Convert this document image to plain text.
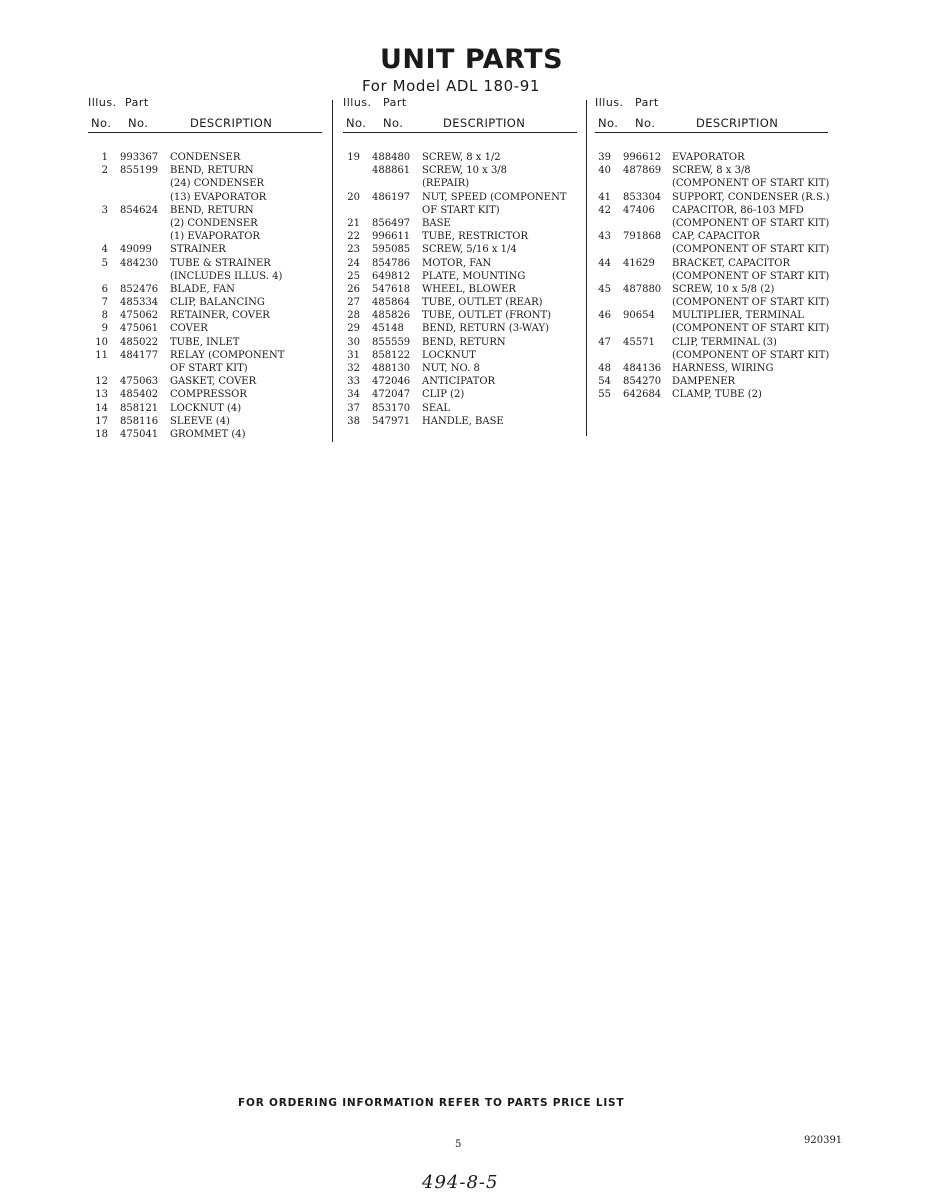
UNIT PARTS
For Model ADL 180-91
Illus. Part
No. No.	DESCRIPTION
1 993367 CONDENSER
2 855199 BEND, RETURN
(24) CONDENSER
(13) EVAPORATOR
3 854624 BEND, RETURN
(2) CONDENSER
(1) EVAPORATOR
4 49099 STRAINER
5 484230 TUBE & STRAINER
(INCLUDES ILLUS. 4)
6 852476 BLADE, FAN
7 485334 CLIP, BALANCING
8 475062 RETAINER, COVER
9 475061 COVER
10 485022 TUBE, INLET
11 484177 RELAY (COMPONENT
OF START KIT)
12 475063 GASKET, COVER
13 485402 COMPRESSOR
14 858121 LOCKNUT (4)
17 858116 SLEEVE (4)
18 475041 GROMMET (4)
Illus. Part
No. No.	DESCRIPTION
19 488480 SCREW, 8 x 1/2
488861 SCREW, 10 x 3/8
(REPAIR)
20 486197 NUT, SPEED (COMPONENT
OF START KIT)
21 856497 BASE
22 996611 TUBE, RESTRICTOR
23 595085 SCREW, 5/16 x 1/4
24 854786 MOTOR, FAN
25 649812 PLATE, MOUNTING
26 547618 WHEEL, BLOWER
27 485864 TUBE, OUTLET (REAR)
28 485826 TUBE, OUTLET (FRONT)
29 45148 BEND, RETURN (3-WAY)
30 855559 BEND, RETURN
31 858122 LOCKNUT
32 488130 NUT, NO. 8
33 472046 ANTICIPATOR
34 472047 CLIP (2)
37 853170 SEAL
38 547971 HANDLE, BASE
Illus. Part
No. No.	DESCRIPTION
39 996612 EVAPORATOR
40 487869 SCREW, 8 x 3/8
(COMPONENT OF START KIT)
41 853304 SUPPORT, CONDENSER (R.S.)
42 47406 CAPACITOR, 86-103 MFD
(COMPONENT OF START KIT)
43 791868 CAP, CAPACITOR
(COMPONENT OF START KIT)
44 41629 BRACKET, CAPACITOR
(COMPONENT OF START KIT)
45 487880 SCREW, 10 x 5/8 (2)
(COMPONENT OF START KIT)
46 90654 MULTIPLIER, TERMINAL
(COMPONENT OF START KIT)
47 45571 CLIP, TERMINAL (3)
(COMPONENT OF START KIT)
48 484136 HARNESS, WIRING
54 854270 DAMPENER
55 642684 CLAMP, TUBE (2)
FOR ORDERING INFORMATION REFER TO PARTS PRICE LIST
5	920391
494-8-5
